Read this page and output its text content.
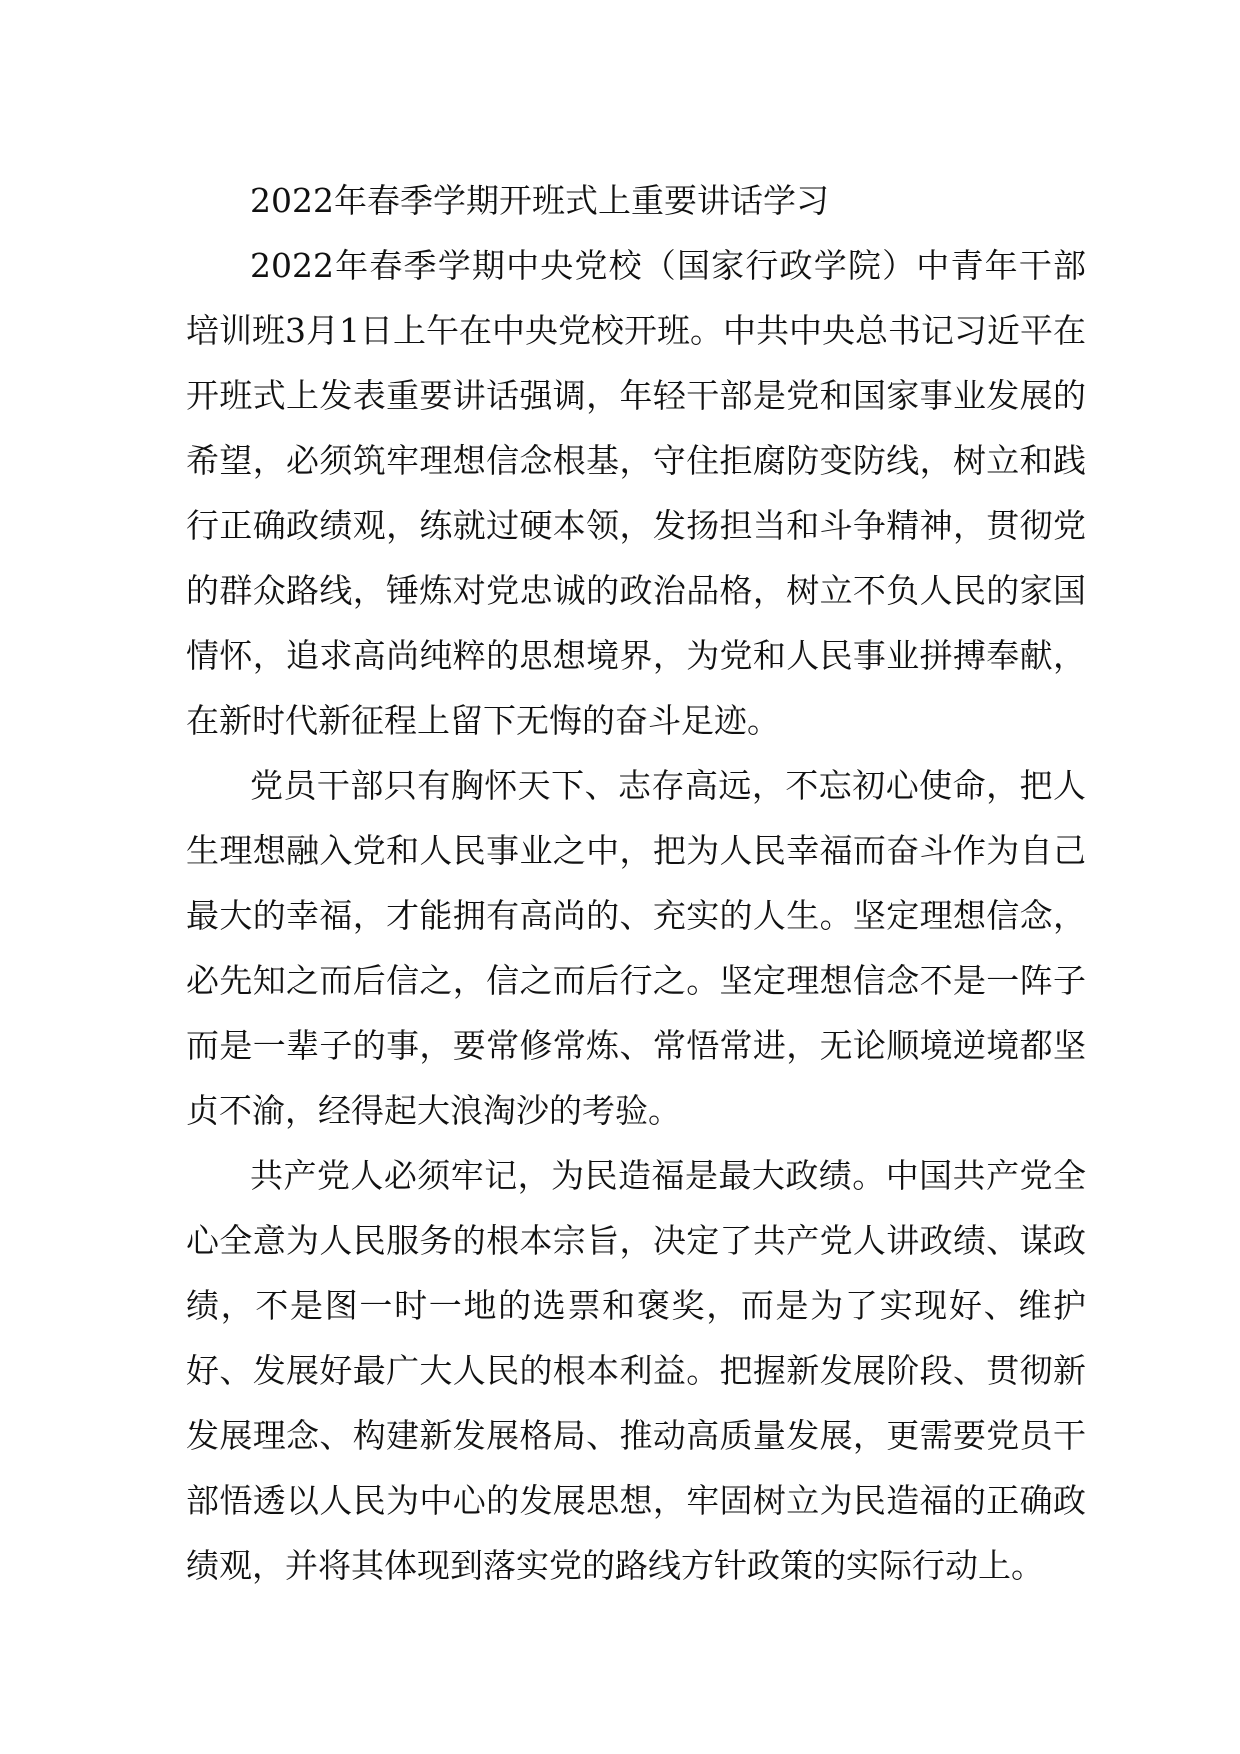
2022年春季学期开班式上重要讲话学习

2022年春季学期中央党校（国家行政学院）中青年干部培训班3月1日上午在中央党校开班。中共中央总书记习近平在开班式上发表重要讲话强调，年轻干部是党和国家事业发展的希望，必须筑牢理想信念根基，守住拒腐防变防线，树立和践行正确政绩观，练就过硬本领，发扬担当和斗争精神，贯彻党的群众路线，锤炼对党忠诚的政治品格，树立不负人民的家国情怀，追求高尚纯粹的思想境界，为党和人民事业拼搏奉献，在新时代新征程上留下无悔的奋斗足迹。

党员干部只有胸怀天下、志存高远，不忘初心使命，把人生理想融入党和人民事业之中，把为人民幸福而奋斗作为自己最大的幸福，才能拥有高尚的、充实的人生。坚定理想信念，必先知之而后信之，信之而后行之。坚定理想信念不是一阵子而是一辈子的事，要常修常炼、常悟常进，无论顺境逆境都坚贞不渝，经得起大浪淘沙的考验。

共产党人必须牢记，为民造福是最大政绩。中国共产党全心全意为人民服务的根本宗旨，决定了共产党人讲政绩、谋政绩，不是图一时一地的选票和褒奖，而是为了实现好、维护好、发展好最广大人民的根本利益。把握新发展阶段、贯彻新发展理念、构建新发展格局、推动高质量发展，更需要党员干部悟透以人民为中心的发展思想，牢固树立为民造福的正确政绩观，并将其体现到落实党的路线方针政策的实际行动上。
